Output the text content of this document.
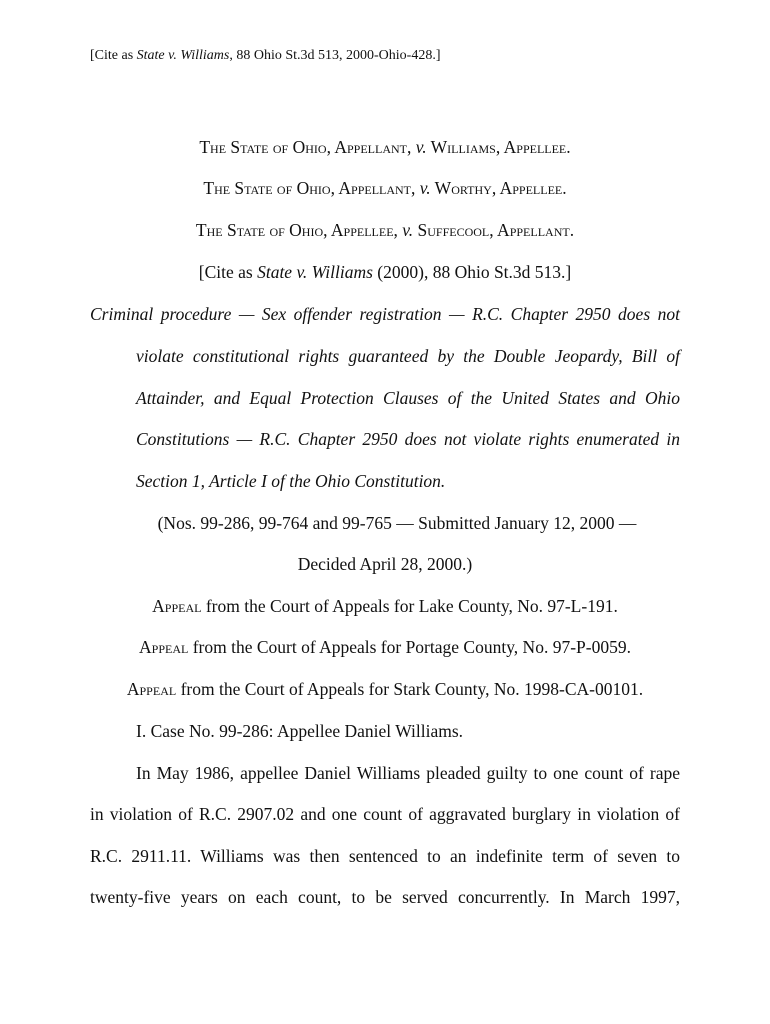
[Cite as State v. Williams, 88 Ohio St.3d 513, 2000-Ohio-428.]
The State of Ohio, Appellant, v. Williams, Appellee.
The State of Ohio, Appellant, v. Worthy, Appellee.
The State of Ohio, Appellee, v. Suffecool, Appellant.
[Cite as State v. Williams (2000), 88 Ohio St.3d 513.]
Criminal procedure — Sex offender registration — R.C. Chapter 2950 does not
violate constitutional rights guaranteed by the Double Jeopardy, Bill of
Attainder, and Equal Protection Clauses of the United States and Ohio
Constitutions — R.C. Chapter 2950 does not violate rights enumerated in
Section 1, Article I of the Ohio Constitution.
(Nos. 99-286, 99-764 and 99-765 — Submitted January 12, 2000 —
Decided April 28, 2000.)
Appeal from the Court of Appeals for Lake County, No. 97-L-191.
Appeal from the Court of Appeals for Portage County, No. 97-P-0059.
Appeal from the Court of Appeals for Stark County, No. 1998-CA-00101.
I. Case No. 99-286: Appellee Daniel Williams.
In May 1986, appellee Daniel Williams pleaded guilty to one count of rape
in violation of R.C. 2907.02 and one count of aggravated burglary in violation of
R.C. 2911.11. Williams was then sentenced to an indefinite term of seven to
twenty-five years on each count, to be served concurrently. In March 1997,
